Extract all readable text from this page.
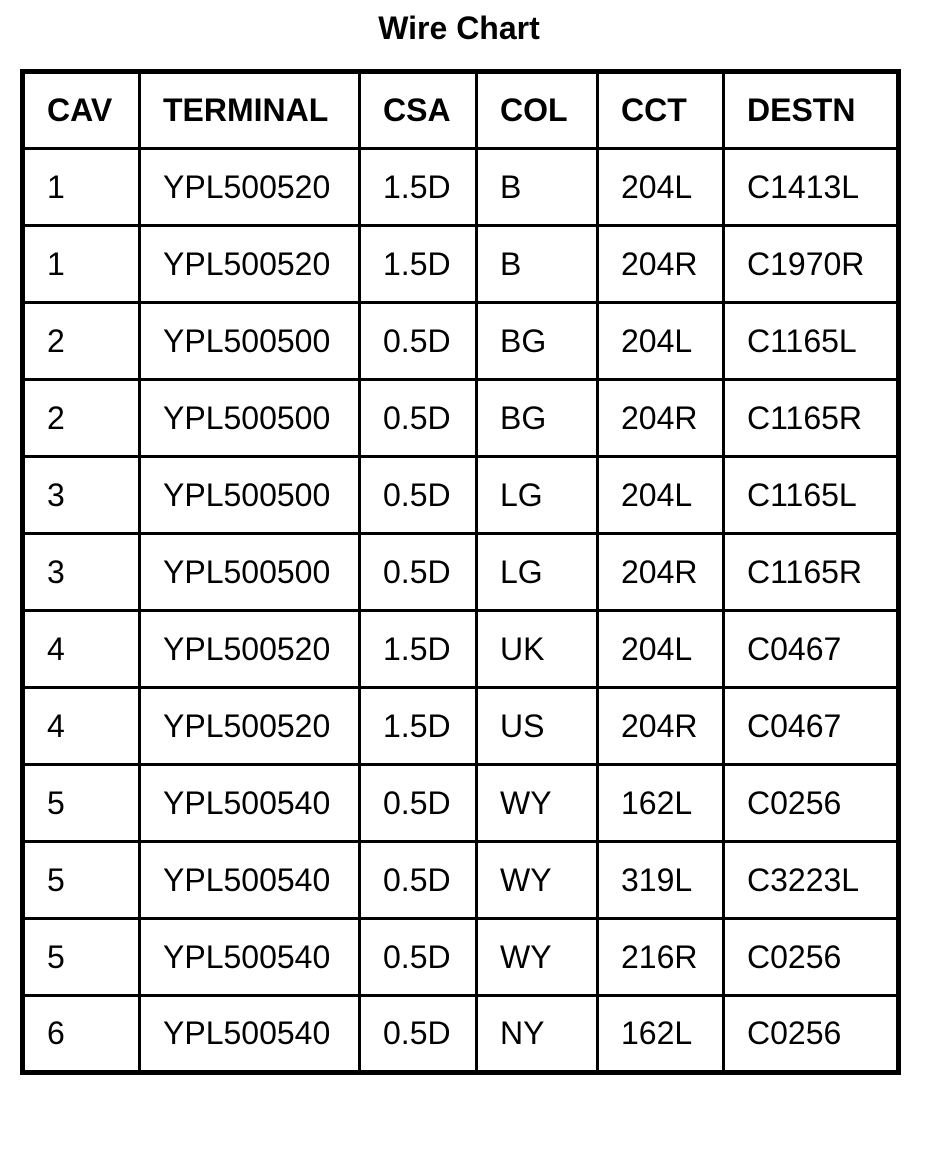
Wire Chart
CAV	TERMINAL	CSA	COL	CCT	DESTN
1	YPL500520	1.5D	B	204L	C1413L
1	YPL500520	1.5D	B	204R	C1970R
2	YPL500500	0.5D	BG	204L	C1165L
2	YPL500500	0.5D	BG	204R	C1165R
3	YPL500500	0.5D	LG	204L	C1165L
3	YPL500500	0.5D	LG	204R	C1165R
4	YPL500520	1.5D	UK	204L	C0467
4	YPL500520	1.5D	US	204R	C0467
5	YPL500540	0.5D	WY	162L	C0256
5	YPL500540	0.5D	WY	319L	C3223L
5	YPL500540	0.5D	WY	216R	C0256
6	YPL500540	0.5D	NY	162L	C0256
